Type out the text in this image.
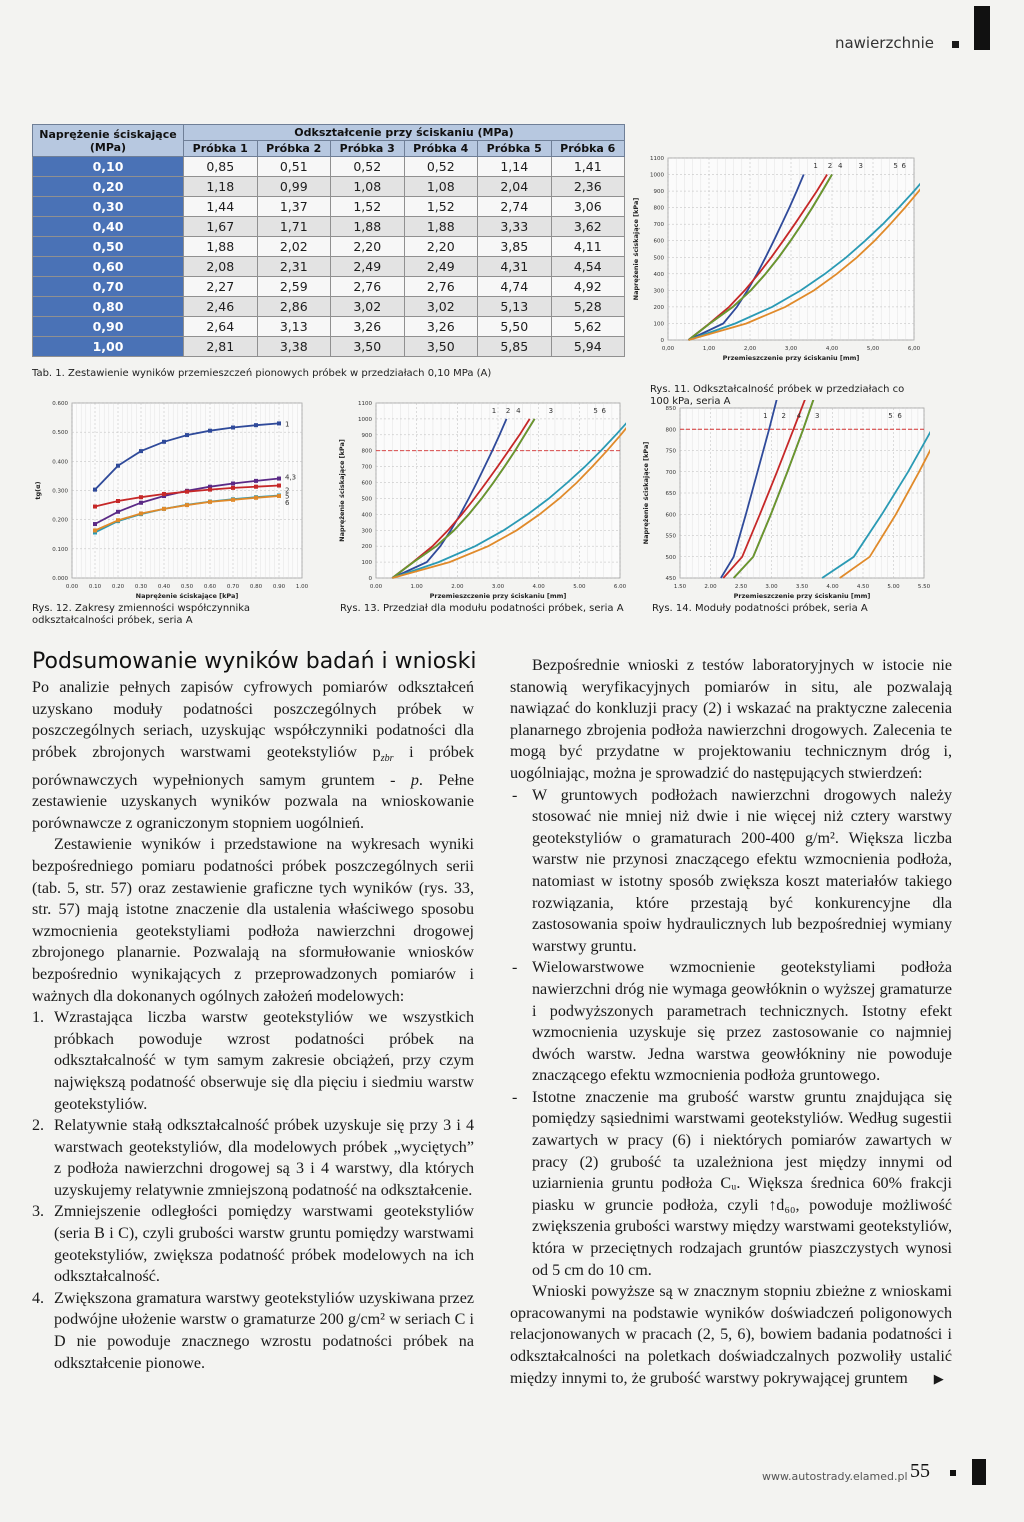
nawierzchnie
Naprężenie ściskające (MPa)	Odkształcenie przy ściskaniu (MPa)					
	Próbka 1	Próbka 2	Próbka 3	Próbka 4	Próbka 5	Próbka 6
0,10	0,85	0,51	0,52	0,52	1,14	1,41
0,20	1,18	0,99	1,08	1,08	2,04	2,36
0,30	1,44	1,37	1,52	1,52	2,74	3,06
0,40	1,67	1,71	1,88	1,88	3,33	3,62
0,50	1,88	2,02	2,20	2,20	3,85	4,11
0,60	2,08	2,31	2,49	2,49	4,31	4,54
0,70	2,27	2,59	2,76	2,76	4,74	4,92
0,80	2,46	2,86	3,02	3,02	5,13	5,28
0,90	2,64	3,13	3,26	3,26	5,50	5,62
1,00	2,81	3,38	3,50	3,50	5,85	5,94
Tab. 1. Zestawienie wyników przemieszczeń pionowych próbek w przedziałach 0,10 MPa (A)
0,00	1,00	2,00	3,00	4,00	5,00	6,00
0
100
200
300
400
500
600
700
800
900
1000
1100
Przemieszczenie przy ściskaniu [mm]
Naprężenie ściskające [kPa]
1 2 4 3	5 6
Rys. 11. Odkształcalność próbek w przedziałach co 100 kPa, seria A
0.00 0.10 0.20 0.30 0.40 0.50 0.60 0.70 0.80 0.90 1.00
0.000
0.100
0.200
0.300
0.400
0.500
0.600
Naprężenie ściskające [kPa]
tg(α)
1
4,3
2
5
6
Rys. 12. Zakresy zmienności współczynnika odkształcalności próbek, seria A
0.00	1.00	2.00	3.00	4.00	5.00	6.00
0
100
200
300
400
500
600
700
800
900
1000
1100
Przemieszczenie przy ściskaniu [mm]
Naprężenie ściskające [kPa]
1 2 4	3	5 6
Rys. 13. Przedział dla modułu podatności próbek, seria A
1.50	2.00	2.50	3.00	3.50	4.00	4.50	5.00	5.50
450
500
550
600
650
700
750
800
850
Przemieszczenie przy ściskaniu [mm]
Naprężenie ściskające [kPa]
1 2 4 3	5 6
Rys. 14. Moduły podatności próbek, seria A
Podsumowanie wyników badań i wnioski

Po analizie pełnych zapisów cyfrowych pomiarów odkształceń uzyskano moduły podatności poszczególnych próbek w poszczególnych seriach, uzyskując współczynniki podatności dla próbek zbrojonych warstwami geotekstyliów $p_{zbr}$ i próbek porównawczych wypełnionych samym gruntem - p. Pełne zestawienie uzyskanych wyników pozwala na wnioskowanie porównawcze z ograniczonym stopniem uogólnień.

Zestawienie wyników i przedstawione na wykresach wyniki bezpośredniego pomiaru podatności próbek poszczególnych serii (tab. 5, str. 57) oraz zestawienie graficzne tych wyników (rys. 33, str. 57) mają istotne znaczenie dla ustalenia właściwego sposobu wzmocnienia geotekstyliami podłoża nawierzchni drogowej zbrojonego planarnie. Pozwalają na sformułowanie wniosków bezpośrednio wynikających z przeprowadzonych pomiarów i ważnych dla dokonanych ogólnych założeń modelowych:

1. Wzrastająca liczba warstw geotekstyliów we wszystkich próbkach powoduje wzrost podatności próbek na odkształcalność w tym samym zakresie obciążeń, przy czym największą podatność obserwuje się dla pięciu i siedmiu warstw geotekstyliów.
2. Relatywnie stałą odkształcalność próbek uzyskuje się przy 3 i 4 warstwach geotekstyliów, dla modelowych próbek „wyciętych” z podłoża nawierzchni drogowej są 3 i 4 warstwy, dla których uzyskujemy relatywnie zmniejszoną podatność na odkształcenie.
3. Zmniejszenie odległości pomiędzy warstwami geotekstyliów (seria B i C), czyli grubości warstw gruntu pomiędzy warstwami geotekstyliów, zwiększa podatność próbek modelowych na ich odkształcalność.
4. Zwiększona gramatura warstwy geotekstyliów uzyskiwana przez podwójne ułożenie warstw o gramaturze 200 g/cm² w seriach C i D nie powoduje znacznego wzrostu podatności próbek na odkształcenie pionowe.

Bezpośrednie wnioski z testów laboratoryjnych w istocie nie stanowią weryfikacyjnych pomiarów in situ, ale pozwalają nawiązać do konkluzji pracy (2) i wskazać na praktyczne zalecenia planarnego zbrojenia podłoża nawierzchni drogowych. Zalecenia te mogą być przydatne w projektowaniu technicznym dróg i, uogólniając, można je sprowadzić do następujących stwierdzeń:

- W gruntowych podłożach nawierzchni drogowych należy stosować nie mniej niż dwie i nie więcej niż cztery warstwy geotekstyliów o gramaturach 200-400 g/m². Większa liczba warstw nie przynosi znaczącego efektu wzmocnienia podłoża, natomiast w istotny sposób zwiększa koszt materiałów takiego rozwiązania, które przestają być konkurencyjne dla zastosowania spoiw hydraulicznych lub bezpośredniej wymiany warstwy gruntu.
- Wielowarstwowe wzmocnienie geotekstyliami podłoża nawierzchni dróg nie wymaga geowłóknin o wyższej gramaturze i podwyższonych parametrach technicznych. Istotny efekt wzmocnienia uzyskuje się przez zastosowanie co najmniej dwóch warstw. Jedna warstwa geowłókniny nie powoduje znaczącego efektu wzmocnienia podłoża gruntowego.
- Istotne znaczenie ma grubość warstw gruntu znajdująca się pomiędzy sąsiednimi warstwami geotekstyliów. Według sugestii zawartych w pracy (6) i niektórych pomiarów zawartych w pracy (2) grubość ta uzależniona jest między innymi od uziarnienia gruntu podłoża Cᵤ. Większa średnica 60% frakcji piasku w gruncie podłoża, czyli ↑d₆₀, powoduje możliwość zwiększenia grubości warstwy między warstwami geotekstyliów, która w przeciętnych rodzajach gruntów piaszczystych wynosi od 5 cm do 10 cm.

Wnioski powyższe są w znacznym stopniu zbieżne z wnioskami opracowanymi na podstawie wyników doświadczeń poligonowych relacjonowanych w pracach (2, 5, 6), bowiem badania podatności i odkształcalności na poletkach doświadczalnych pozwoliły ustalić między innymi to, że grubość warstwy pokrywającej gruntem ▶

www.autostrady.elamed.pl 55
